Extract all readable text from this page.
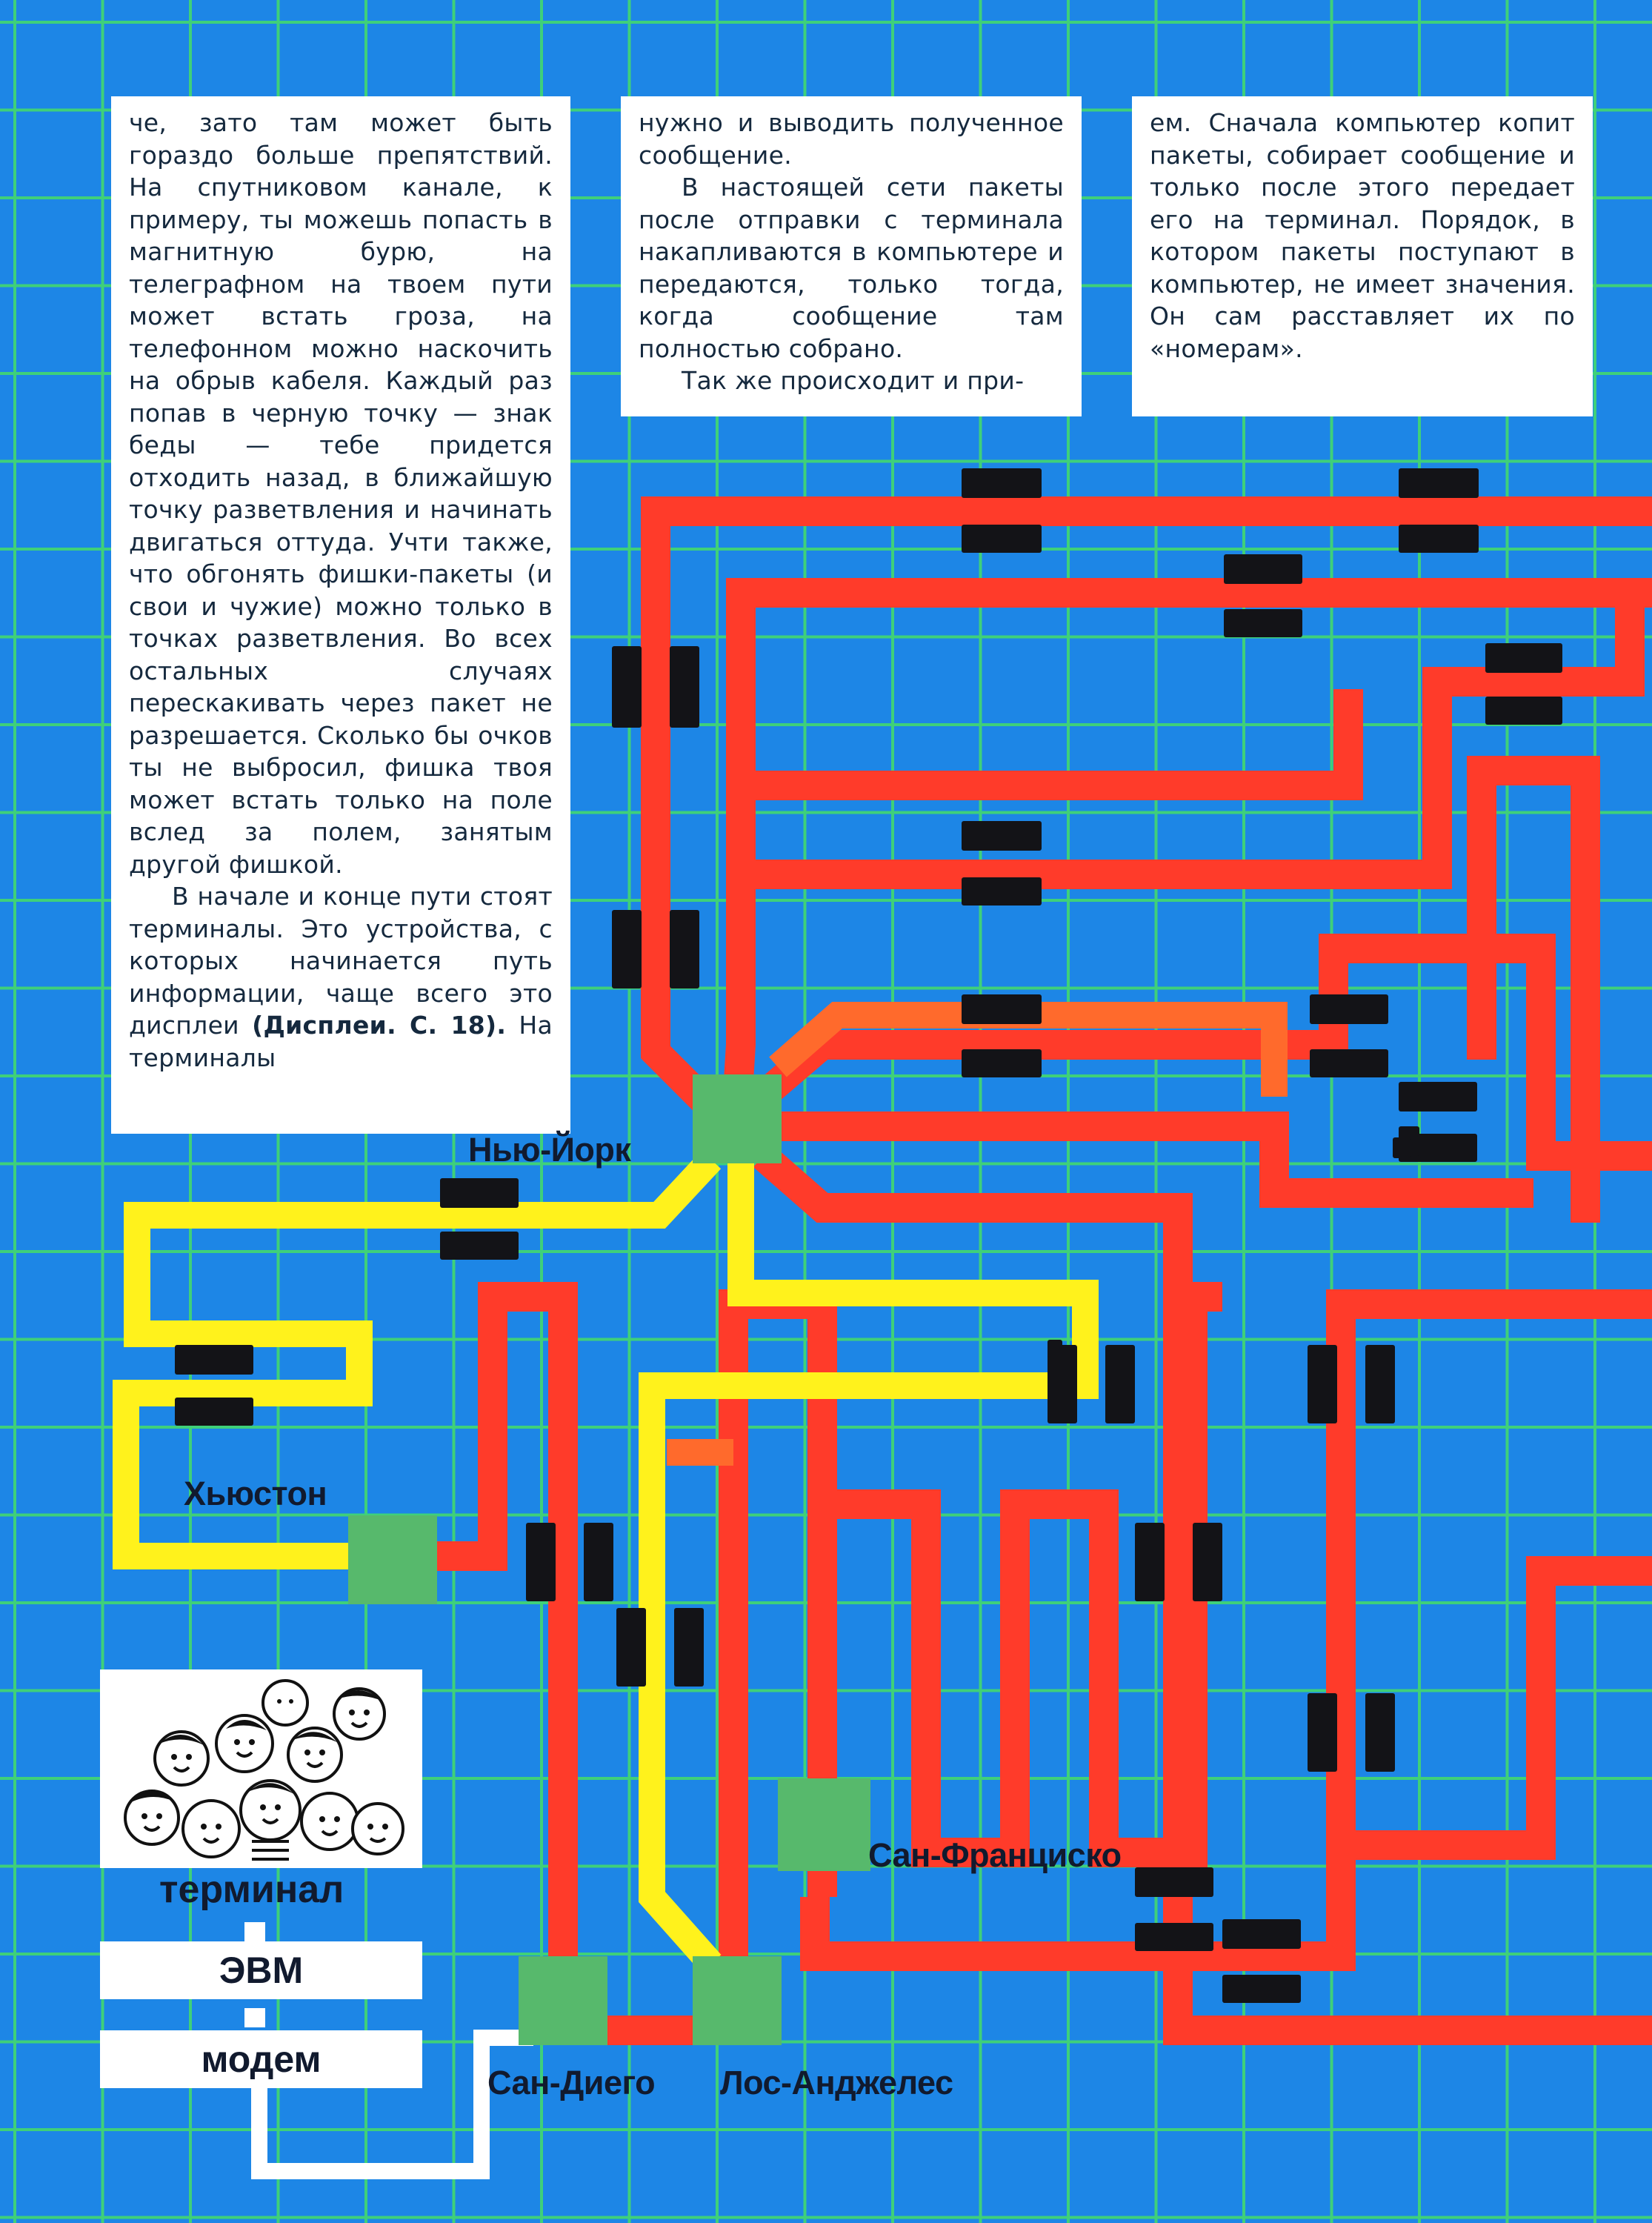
че, зато там может быть гораздо больше препятствий. На спутниковом канале, к примеру, ты можешь попасть в магнитную бурю, на телеграфном на твоем пути может встать гроза, на телефонном можно наскочить на обрыв кабеля. Каждый раз попав в черную точку — знак беды — тебе придется отходить назад, в ближайшую точку разветвления и начинать двигаться оттуда. Учти также, что обгонять фишки-пакеты (и свои и чужие) можно только в точках разветвления. Во всех остальных случаях перескакивать через пакет не разрешается. Сколько бы очков ты не выбросил, фишка твоя может встать только на поле вслед за полем, занятым другой фишкой.

В начале и конце пути стоят терминалы. Это устройства, с которых начинается путь информации, чаще всего это дисплеи (Дисплеи. С. 18). На терминалы

нужно и выводить полученное сообщение.

В настоящей сети пакеты после отправки с терминала накапливаются в компьютере и передаются, только тогда, когда сообщение там полностью собрано.

Так же происходит и при-

ем. Сначала компьютер копит пакеты, собирает сообщение и только после этого передает его на терминал. Порядок, в котором пакеты поступают в компьютер, не имеет значения. Он сам расставляет их по «номерам».

Нью-Йорк
Хьюстон
Сан-Франциско
Сан-Диего Лос-Анджелес
терминал
ЭВМ
модем
